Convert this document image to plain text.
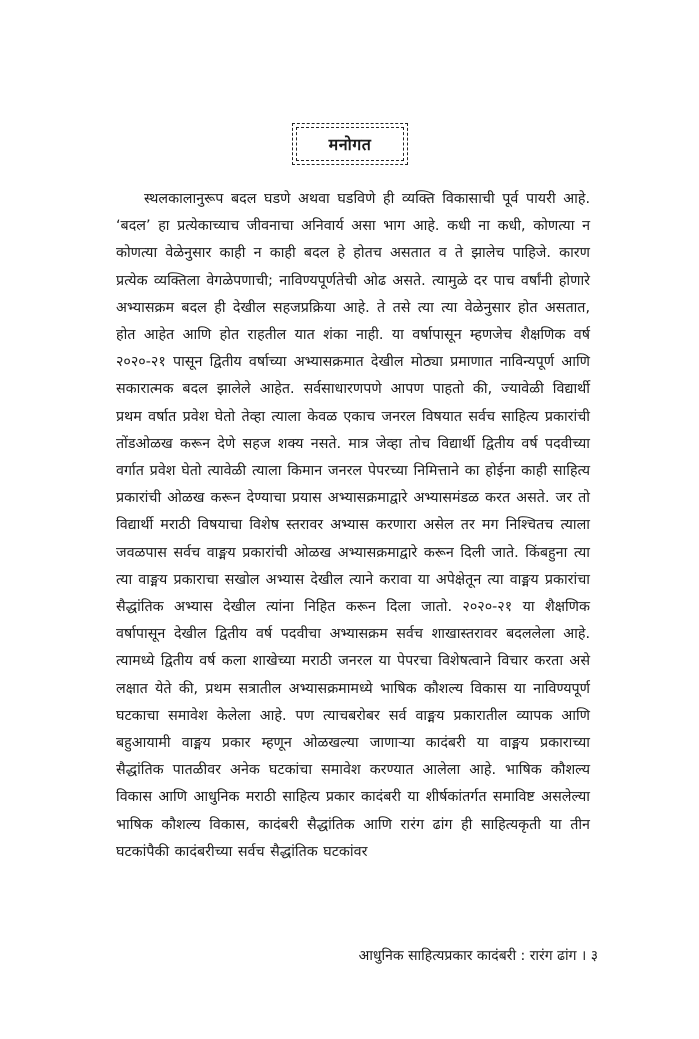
मनोगत

स्थलकालानुरूप बदल घडणे अथवा घडविणे ही व्यक्ति विकासाची पूर्व पायरी आहे. ‘बदल’ हा प्रत्येकाच्याच जीवनाचा अनिवार्य असा भाग आहे. कधी ना कधी, कोणत्या न कोणत्या वेळेनुसार काही न काही बदल हे होतच असतात व ते झालेच पाहिजे. कारण प्रत्येक व्यक्तिला वेगळेपणाची; नाविण्यपूर्णतेची ओढ असते. त्यामुळे दर पाच वर्षांनी होणारे अभ्यासक्रम बदल ही देखील सहजप्रक्रिया आहे. ते तसे त्या त्या वेळेनुसार होत असतात, होत आहेत आणि होत राहतील यात शंका नाही. या वर्षापासून म्हणजेच शैक्षणिक वर्ष २०२०-२१ पासून द्वितीय वर्षाच्या अभ्यासक्रमात देखील मोठ्या प्रमाणात नाविन्यपूर्ण आणि सकारात्मक बदल झालेले आहेत. सर्वसाधारणपणे आपण पाहतो की, ज्यावेळी विद्यार्थी प्रथम वर्षात प्रवेश घेतो तेव्हा त्याला केवळ एकाच जनरल विषयात सर्वच साहित्य प्रकारांची तोंडओळख करून देणे सहज शक्य नसते. मात्र जेव्हा तोच विद्यार्थी द्वितीय वर्ष पदवीच्या वर्गात प्रवेश घेतो त्यावेळी त्याला किमान जनरल पेपरच्या निमित्ताने का होईना काही साहित्य प्रकारांची ओळख करून देण्याचा प्रयास अभ्यासक्रमाद्वारे अभ्यासमंडळ करत असते. जर तो विद्यार्थी मराठी विषयाचा विशेष स्तरावर अभ्यास करणारा असेल तर मग निश्चितच त्याला जवळपास सर्वच वाङ्मय प्रकारांची ओळख अभ्यासक्रमाद्वारे करून दिली जाते. किंबहुना त्या त्या वाङ्मय प्रकाराचा सखोल अभ्यास देखील त्याने करावा या अपेक्षेतून त्या वाङ्मय प्रकारांचा सैद्धांतिक अभ्यास देखील त्यांना निहित करून दिला जातो. २०२०-२१ या शैक्षणिक वर्षापासून देखील द्वितीय वर्ष पदवीचा अभ्यासक्रम सर्वच शाखास्तरावर बदललेला आहे. त्यामध्ये द्वितीय वर्ष कला शाखेच्या मराठी जनरल या पेपरचा विशेषत्वाने विचार करता असे लक्षात येते की, प्रथम सत्रातील अभ्यासक्रमामध्ये भाषिक कौशल्य विकास या नाविण्यपूर्ण घटकाचा समावेश केलेला आहे. पण त्याचबरोबर सर्व वाङ्मय प्रकारातील व्यापक आणि बहुआयामी वाङ्मय प्रकार म्हणून ओळखल्या जाणाऱ्या कादंबरी या वाङ्मय प्रकाराच्या सैद्धांतिक पातळीवर अनेक घटकांचा समावेश करण्यात आलेला आहे. भाषिक कौशल्य विकास आणि आधुनिक मराठी साहित्य प्रकार कादंबरी या शीर्षकांतर्गत समाविष्ट असलेल्या भाषिक कौशल्य विकास, कादंबरी सैद्धांतिक आणि रारंग ढांग ही साहित्यकृती या तीन घटकांपैकी कादंबरीच्या सर्वच सैद्धांतिक घटकांवर

आधुनिक साहित्यप्रकार कादंबरी : रारंग ढांग । ३
